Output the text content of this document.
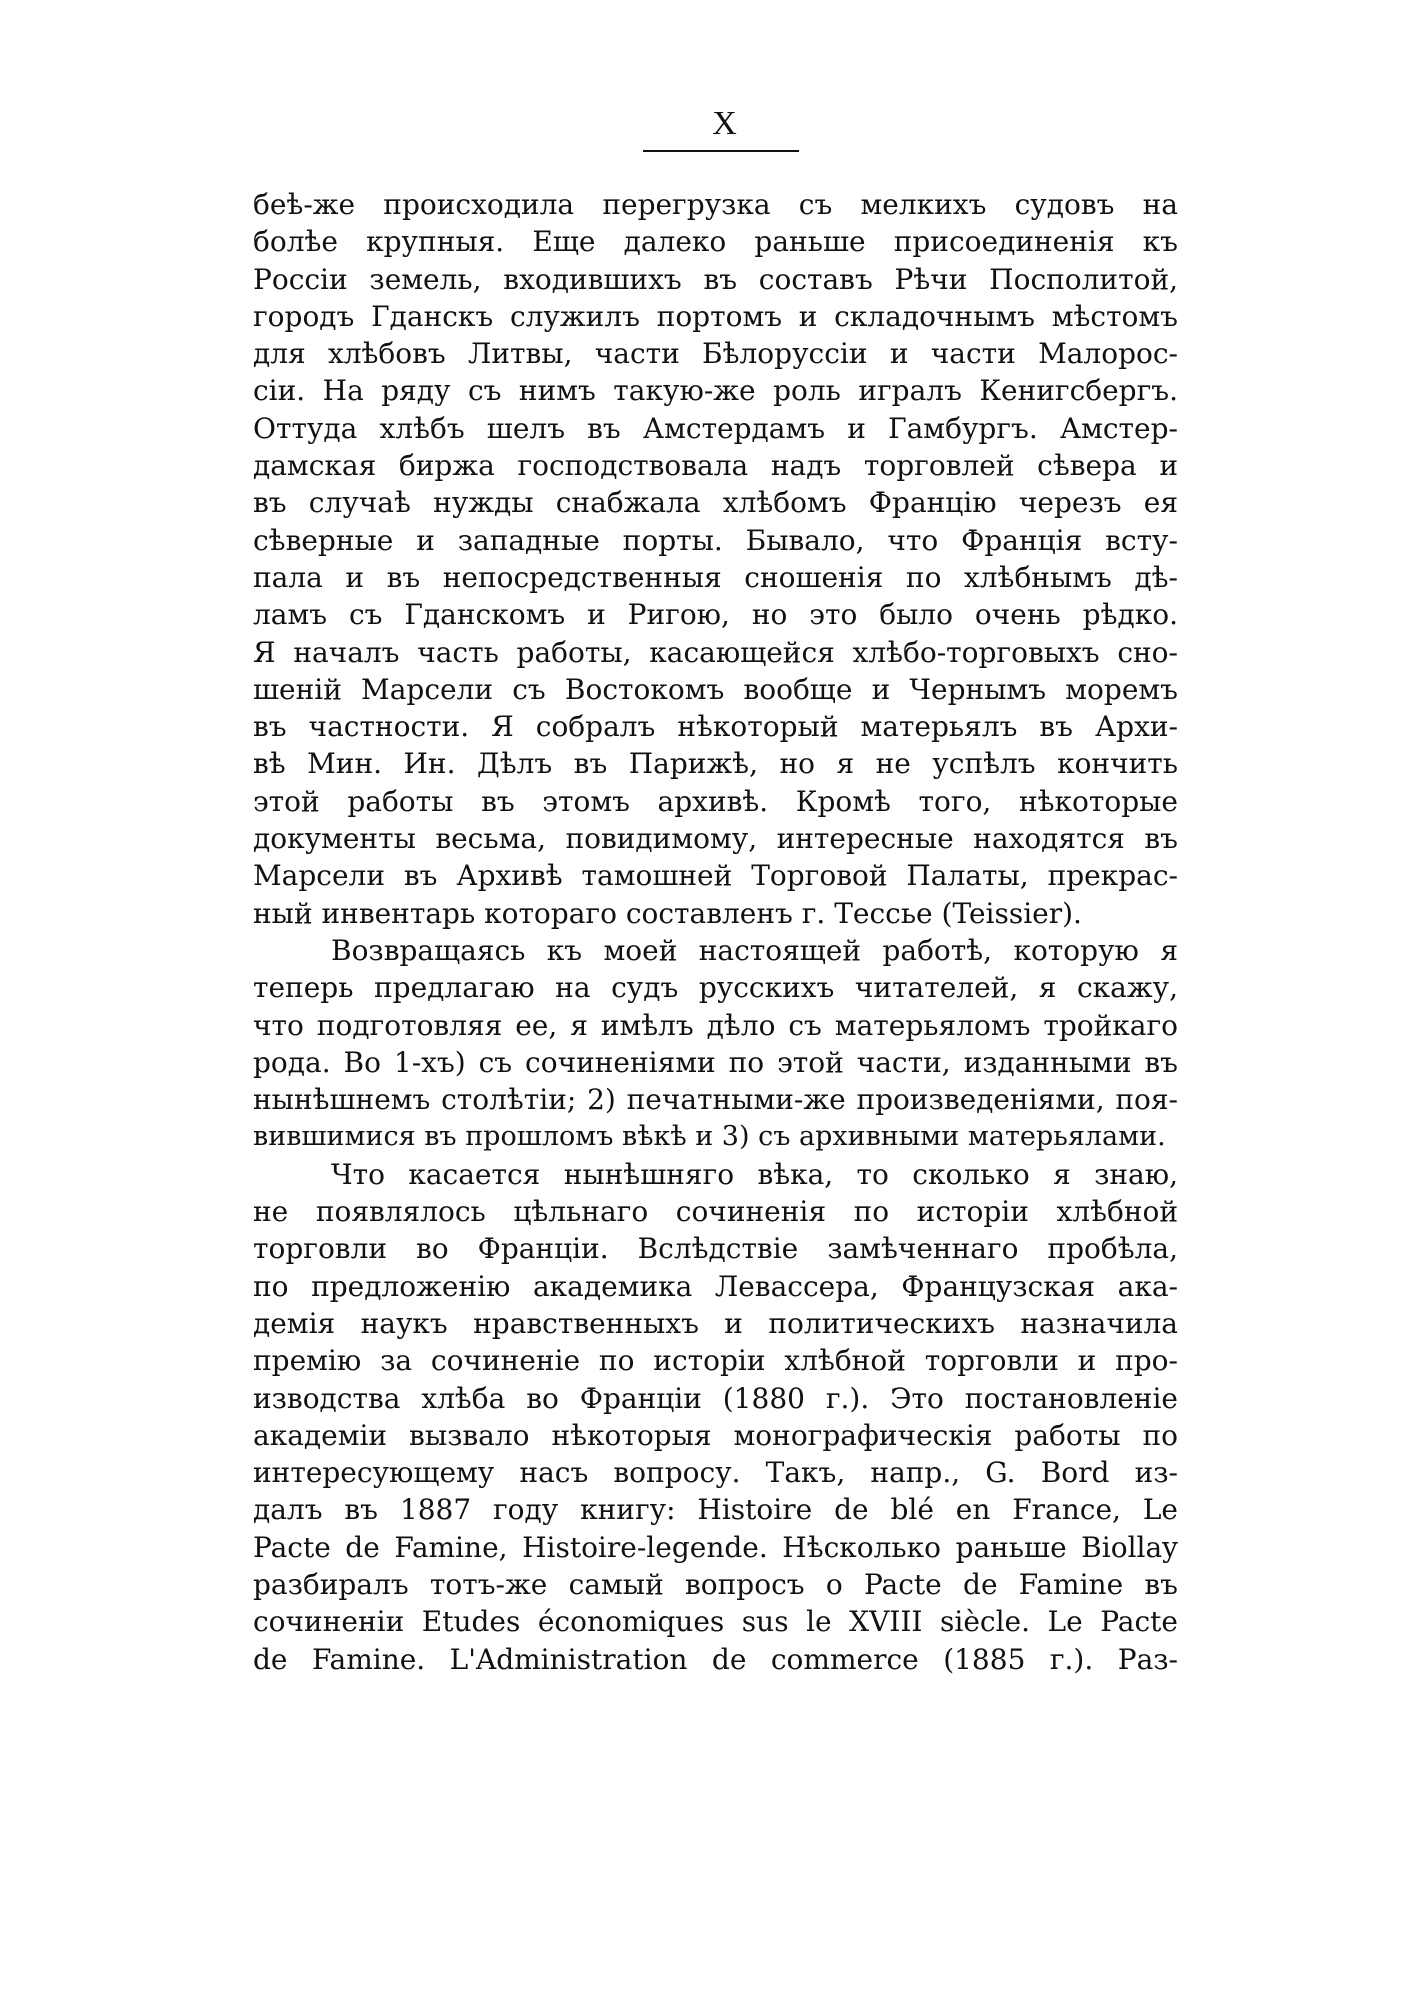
X
беѣ-же происходила перегрузка съ мелкихъ судовъ на
болѣе крупныя. Еще далеко раньше присоединенія къ
Россіи земель, входившихъ въ составъ Рѣчи Посполитой,
городъ Гданскъ служилъ портомъ и складочнымъ мѣстомъ
для хлѣбовъ Литвы, части Бѣлоруссіи и части Малорос-
сіи. На ряду съ нимъ такую-же роль игралъ Кенигсбергъ.
Оттуда хлѣбъ шелъ въ Амстердамъ и Гамбургъ. Амстер-
дамская биржа господствовала надъ торговлей сѣвера и
въ случаѣ нужды снабжала хлѣбомъ Францію черезъ ея
сѣверные и западные порты. Бывало, что Франція всту-
пала и въ непосредственныя сношенія по хлѣбнымъ дѣ-
ламъ съ Гданскомъ и Ригою, но это было очень рѣдко.
Я началъ часть работы, касающейся хлѣбо-торговыхъ сно-
шеній Марсели съ Востокомъ вообще и Чернымъ моремъ
въ частности. Я собралъ нѣкоторый матерьялъ въ Архи-
вѣ Мин. Ин. Дѣлъ въ Парижѣ, но я не успѣлъ кончить
этой работы въ этомъ архивѣ. Кромѣ того, нѣкоторые
документы весьма, повидимому, интересные находятся въ
Марсели въ Архивѣ тамошней Торговой Палаты, прекрас-
ный инвентарь котораго составленъ г. Тессье (Teissier).
Возвращаясь къ моей настоящей работѣ, которую я
теперь предлагаю на судъ русскихъ читателей, я скажу,
что подготовляя ее, я имѣлъ дѣло съ матерьяломъ тройкаго
рода. Во 1-хъ) съ сочиненіями по этой части, изданными въ
нынѣшнемъ столѣтіи; 2) печатными-же произведеніями, поя-
вившимися въ прошломъ вѣкѣ и 3) съ архивными матерьялами.
Что касается нынѣшняго вѣка, то сколько я знаю,
не появлялось цѣльнаго сочиненія по исторіи хлѣбной
торговли во Франціи. Вслѣдствіе замѣченнаго пробѣла,
по предложенію академика Левассера, Французская ака-
демія наукъ нравственныхъ и политическихъ назначила
премію за сочиненіе по исторіи хлѣбной торговли и про-
изводства хлѣба во Франціи (1880 г.). Это постановленіе
академіи вызвало нѣкоторыя монографическія работы по
интересующему насъ вопросу. Такъ, напр., G. Bord из-
далъ въ 1887 году книгу: Histoire de blé en France, Le
Pacte de Famine, Histoire-legende. Нѣсколько раньше Biollay
разбиралъ тотъ-же самый вопросъ о Pacte de Famine въ
сочиненіи Etudes économiques sus le XVIII siècle. Le Pacte
de Famine. L'Administration de commerce (1885 г.). Раз-
